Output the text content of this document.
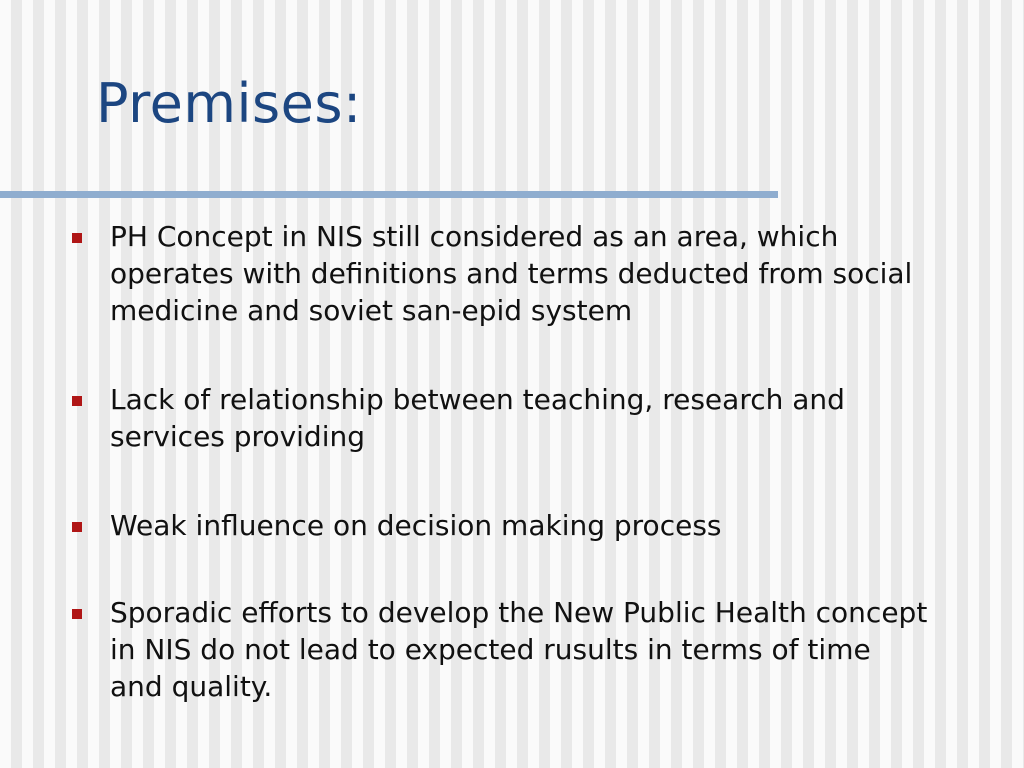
Premises:
PH Concept in NIS still considered as an area, which operates with definitions and terms deducted from social medicine and soviet san-epid system
Lack of relationship between teaching, research and services providing
Weak influence on decision making process
Sporadic efforts to develop the New Public Health concept in NIS do not lead to expected rusults in terms of time and quality.
